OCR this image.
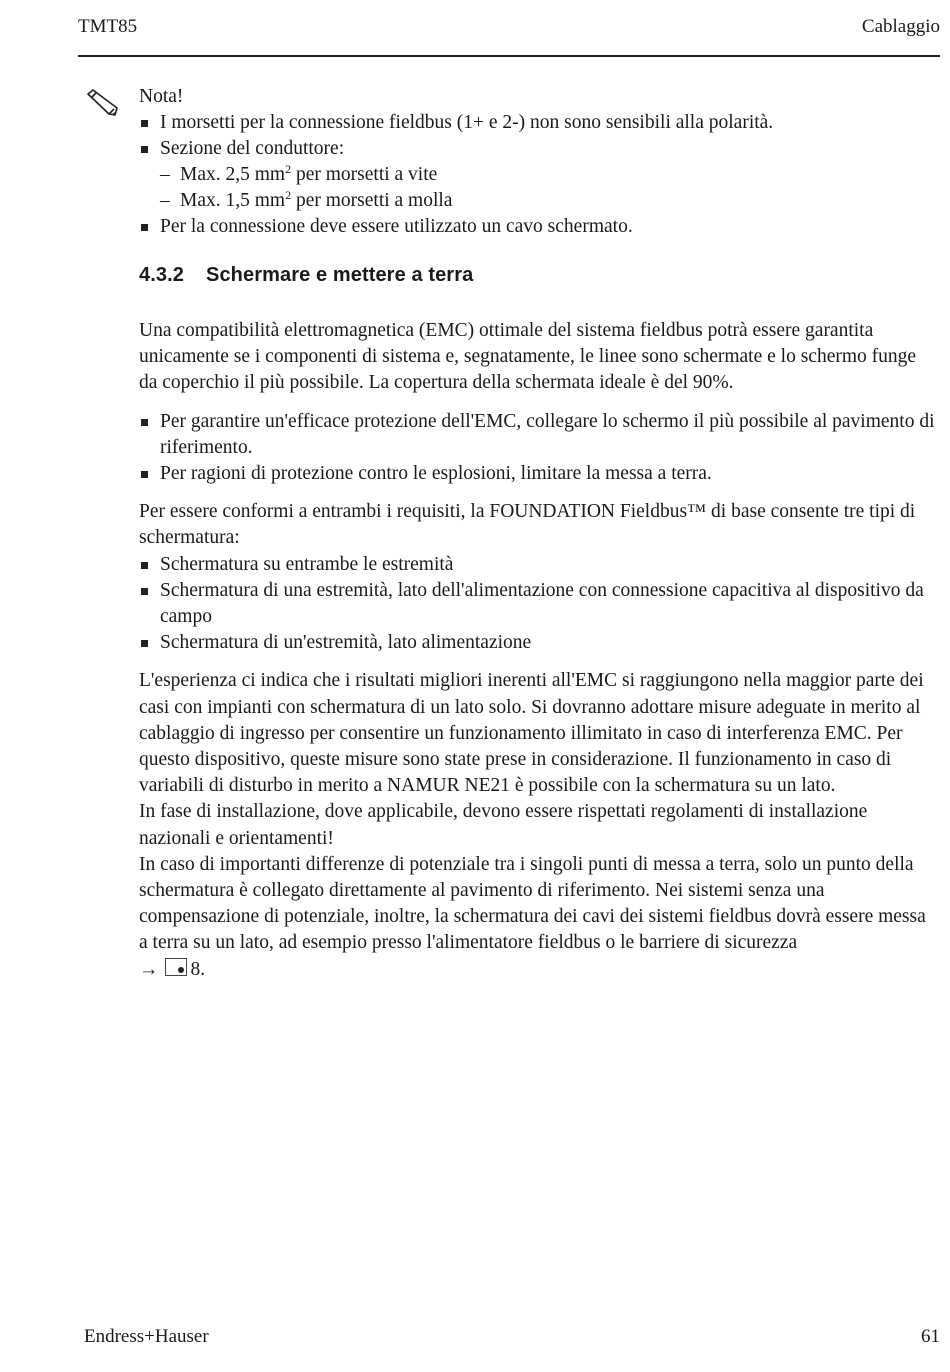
TMT85	Cablaggio
Nota!
I morsetti per la connessione fieldbus (1+ e 2-) non sono sensibili alla polarità.
Sezione del conduttore:
– Max. 2,5 $mm^2$ per morsetti a vite
– Max. 1,5 $mm^2$ per morsetti a molla
Per la connessione deve essere utilizzato un cavo schermato.
4.3.2 Schermare e mettere a terra

Una compatibilità elettromagnetica (EMC) ottimale del sistema fieldbus potrà essere garantita unicamente se i componenti di sistema e, segnatamente, le linee sono schermate e lo schermo funge da coperchio il più possibile. La copertura della schermata ideale è del 90%.

Per garantire un'efficace protezione dell'EMC, collegare lo schermo il più possibile al pavimento di riferimento.
Per ragioni di protezione contro le esplosioni, limitare la messa a terra.

Per essere conformi a entrambi i requisiti, la FOUNDATION Fieldbus™ di base consente tre tipi di schermatura:

Schermatura su entrambe le estremità
Schermatura di una estremità, lato dell'alimentazione con connessione capacitiva al dispositivo da campo
Schermatura di un'estremità, lato alimentazione

L'esperienza ci indica che i risultati migliori inerenti all'EMC si raggiungono nella maggior parte dei casi con impianti con schermatura di un lato solo. Si dovranno adottare misure adeguate in merito al cablaggio di ingresso per consentire un funzionamento illimitato in caso di interferenza EMC. Per questo dispositivo, queste misure sono state prese in considerazione. Il funzionamento in caso di variabili di disturbo in merito a NAMUR NE21 è possibile con la schermatura su un lato.

In fase di installazione, dove applicabile, devono essere rispettati regolamenti di installazione nazionali e orientamenti!

In caso di importanti differenze di potenziale tra i singoli punti di messa a terra, solo un punto della schermatura è collegato direttamente al pavimento di riferimento. Nei sistemi senza una compensazione di potenziale, inoltre, la schermatura dei cavi dei sistemi fieldbus dovrà essere messa a terra su un lato, ad esempio presso l'alimentatore fieldbus o le barriere di sicurezza
→ 8.

Endress+Hauser	61
